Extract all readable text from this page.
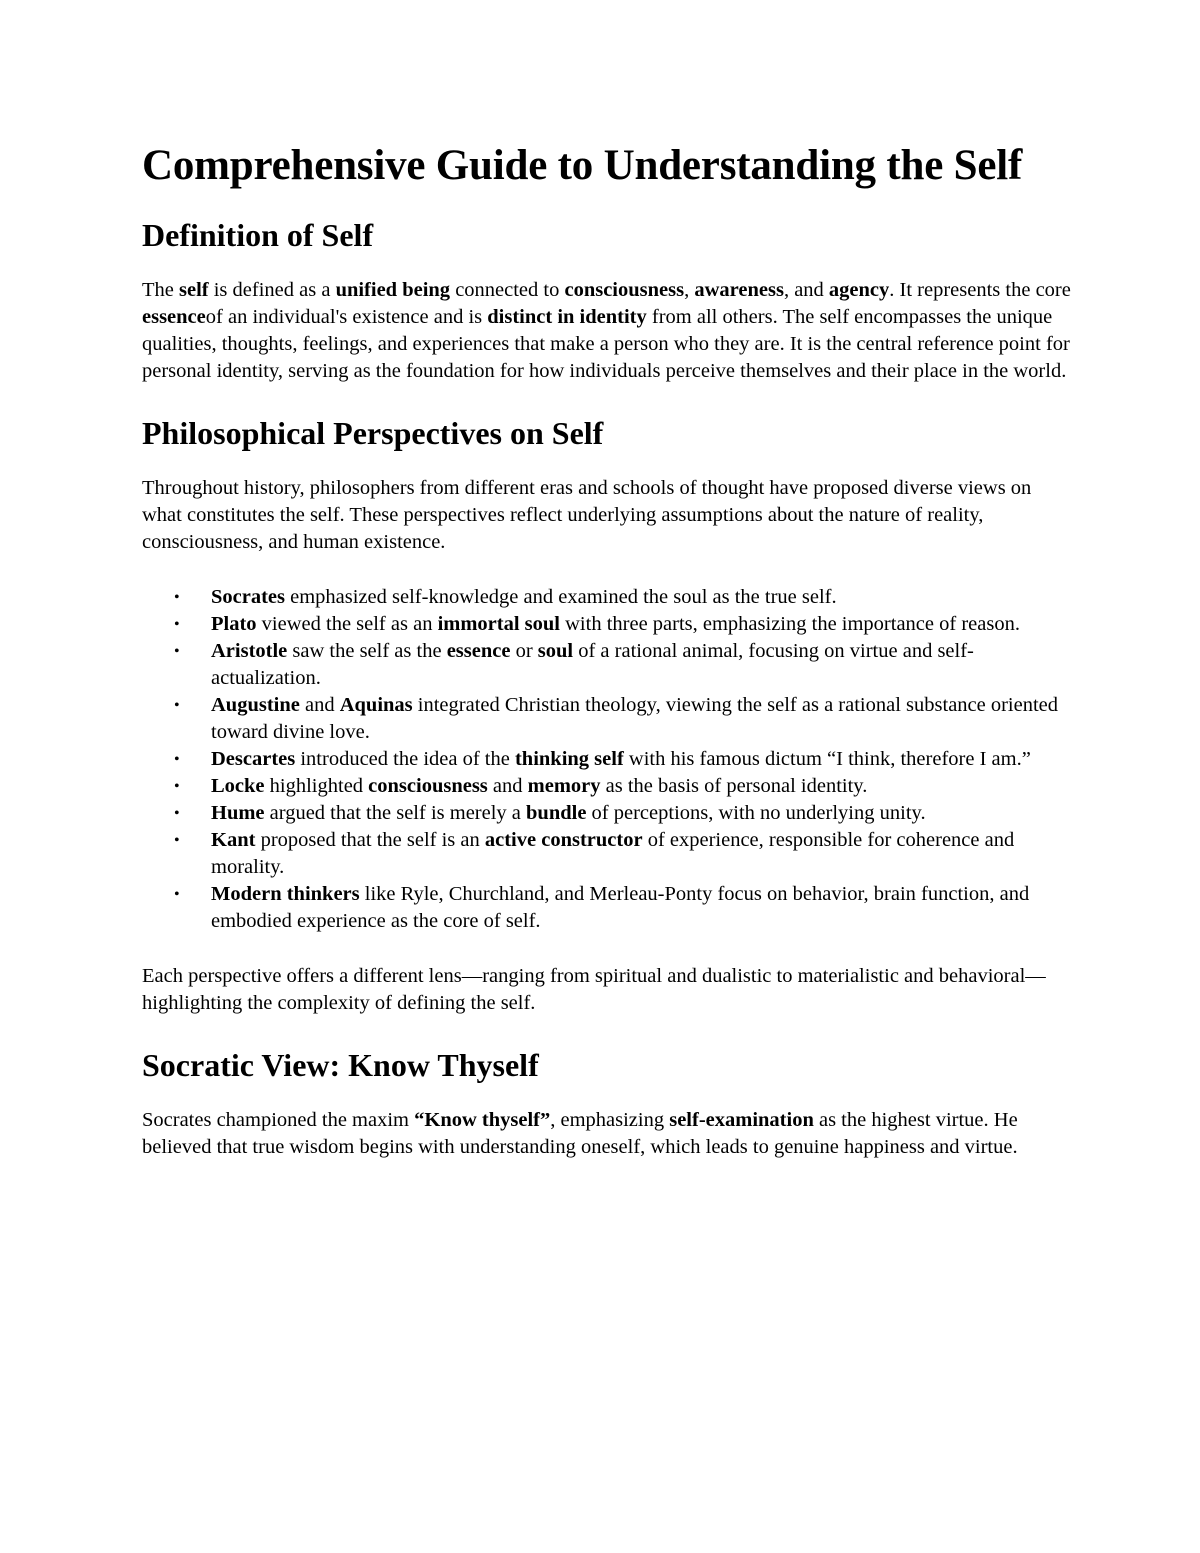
Comprehensive Guide to Understanding the Self
Definition of Self

The self is defined as a unified being connected to consciousness, awareness, and agency. It represents the core essenceof an individual's existence and is distinct in identity from all others. The self encompasses the unique qualities, thoughts, feelings, and experiences that make a person who they are. It is the central reference point for personal identity, serving as the foundation for how individuals perceive themselves and their place in the world.

Philosophical Perspectives on Self

Throughout history, philosophers from different eras and schools of thought have proposed diverse views on what constitutes the self. These perspectives reflect underlying assumptions about the nature of reality, consciousness, and human existence.

• Socrates emphasized self-knowledge and examined the soul as the true self.
• Plato viewed the self as an immortal soul with three parts, emphasizing the importance of reason.
• Aristotle saw the self as the essence or soul of a rational animal, focusing on virtue and self-actualization.
• Augustine and Aquinas integrated Christian theology, viewing the self as a rational substance oriented toward divine love.
• Descartes introduced the idea of the thinking self with his famous dictum “I think, therefore I am.”
• Locke highlighted consciousness and memory as the basis of personal identity.
• Hume argued that the self is merely a bundle of perceptions, with no underlying unity.
• Kant proposed that the self is an active constructor of experience, responsible for coherence and morality.
• Modern thinkers like Ryle, Churchland, and Merleau-Ponty focus on behavior, brain function, and embodied experience as the core of self.

Each perspective offers a different lens—ranging from spiritual and dualistic to materialistic and behavioral—highlighting the complexity of defining the self.

Socratic View: Know Thyself

Socrates championed the maxim “Know thyself”, emphasizing self-examination as the highest virtue. He believed that true wisdom begins with understanding oneself, which leads to genuine happiness and virtue.
